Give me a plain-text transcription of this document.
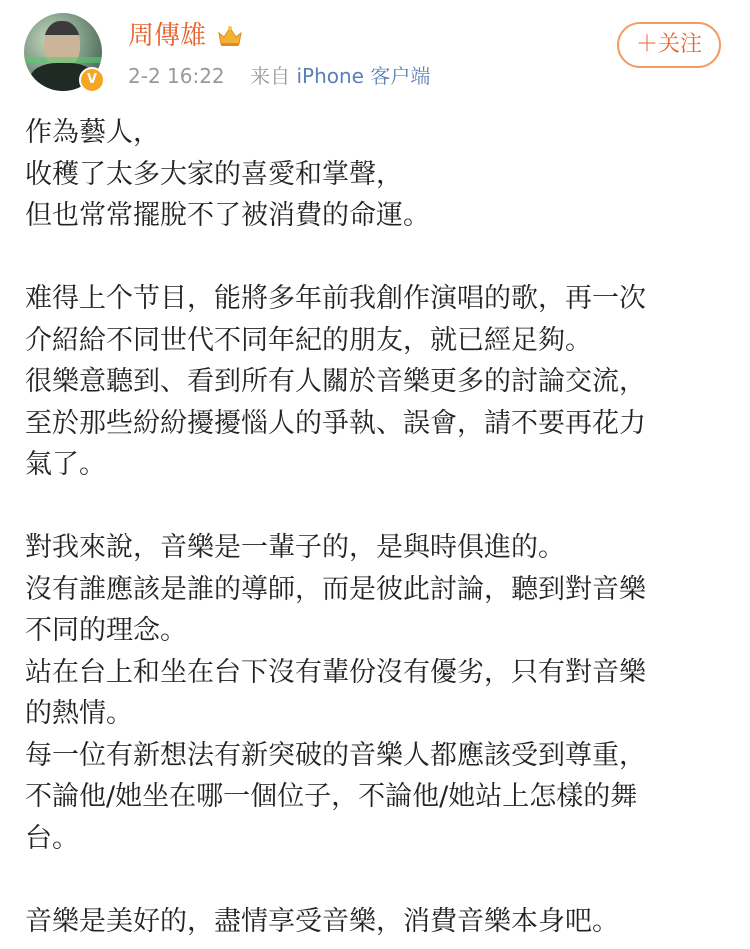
V
周傳雄
2-2 16:22 来自 iPhone 客户端
＋关注
作為藝人，
收穫了太多大家的喜愛和掌聲，
但也常常擺脫不了被消費的命運。
难得上个节目，能將多年前我創作演唱的歌，再一次
介紹給不同世代不同年紀的朋友，就已經足夠。
很樂意聽到、看到所有人關於音樂更多的討論交流，
至於那些紛紛擾擾惱人的爭執、誤會，請不要再花力
氣了。
對我來說，音樂是一輩子的，是與時俱進的。
沒有誰應該是誰的導師，而是彼此討論，聽到對音樂
不同的理念。
站在台上和坐在台下沒有輩份沒有優劣，只有對音樂
的熱情。
每一位有新想法有新突破的音樂人都應該受到尊重，
不論他/她坐在哪一個位子，不論他/她站上怎樣的舞
台。
音樂是美好的，盡情享受音樂，消費音樂本身吧。
